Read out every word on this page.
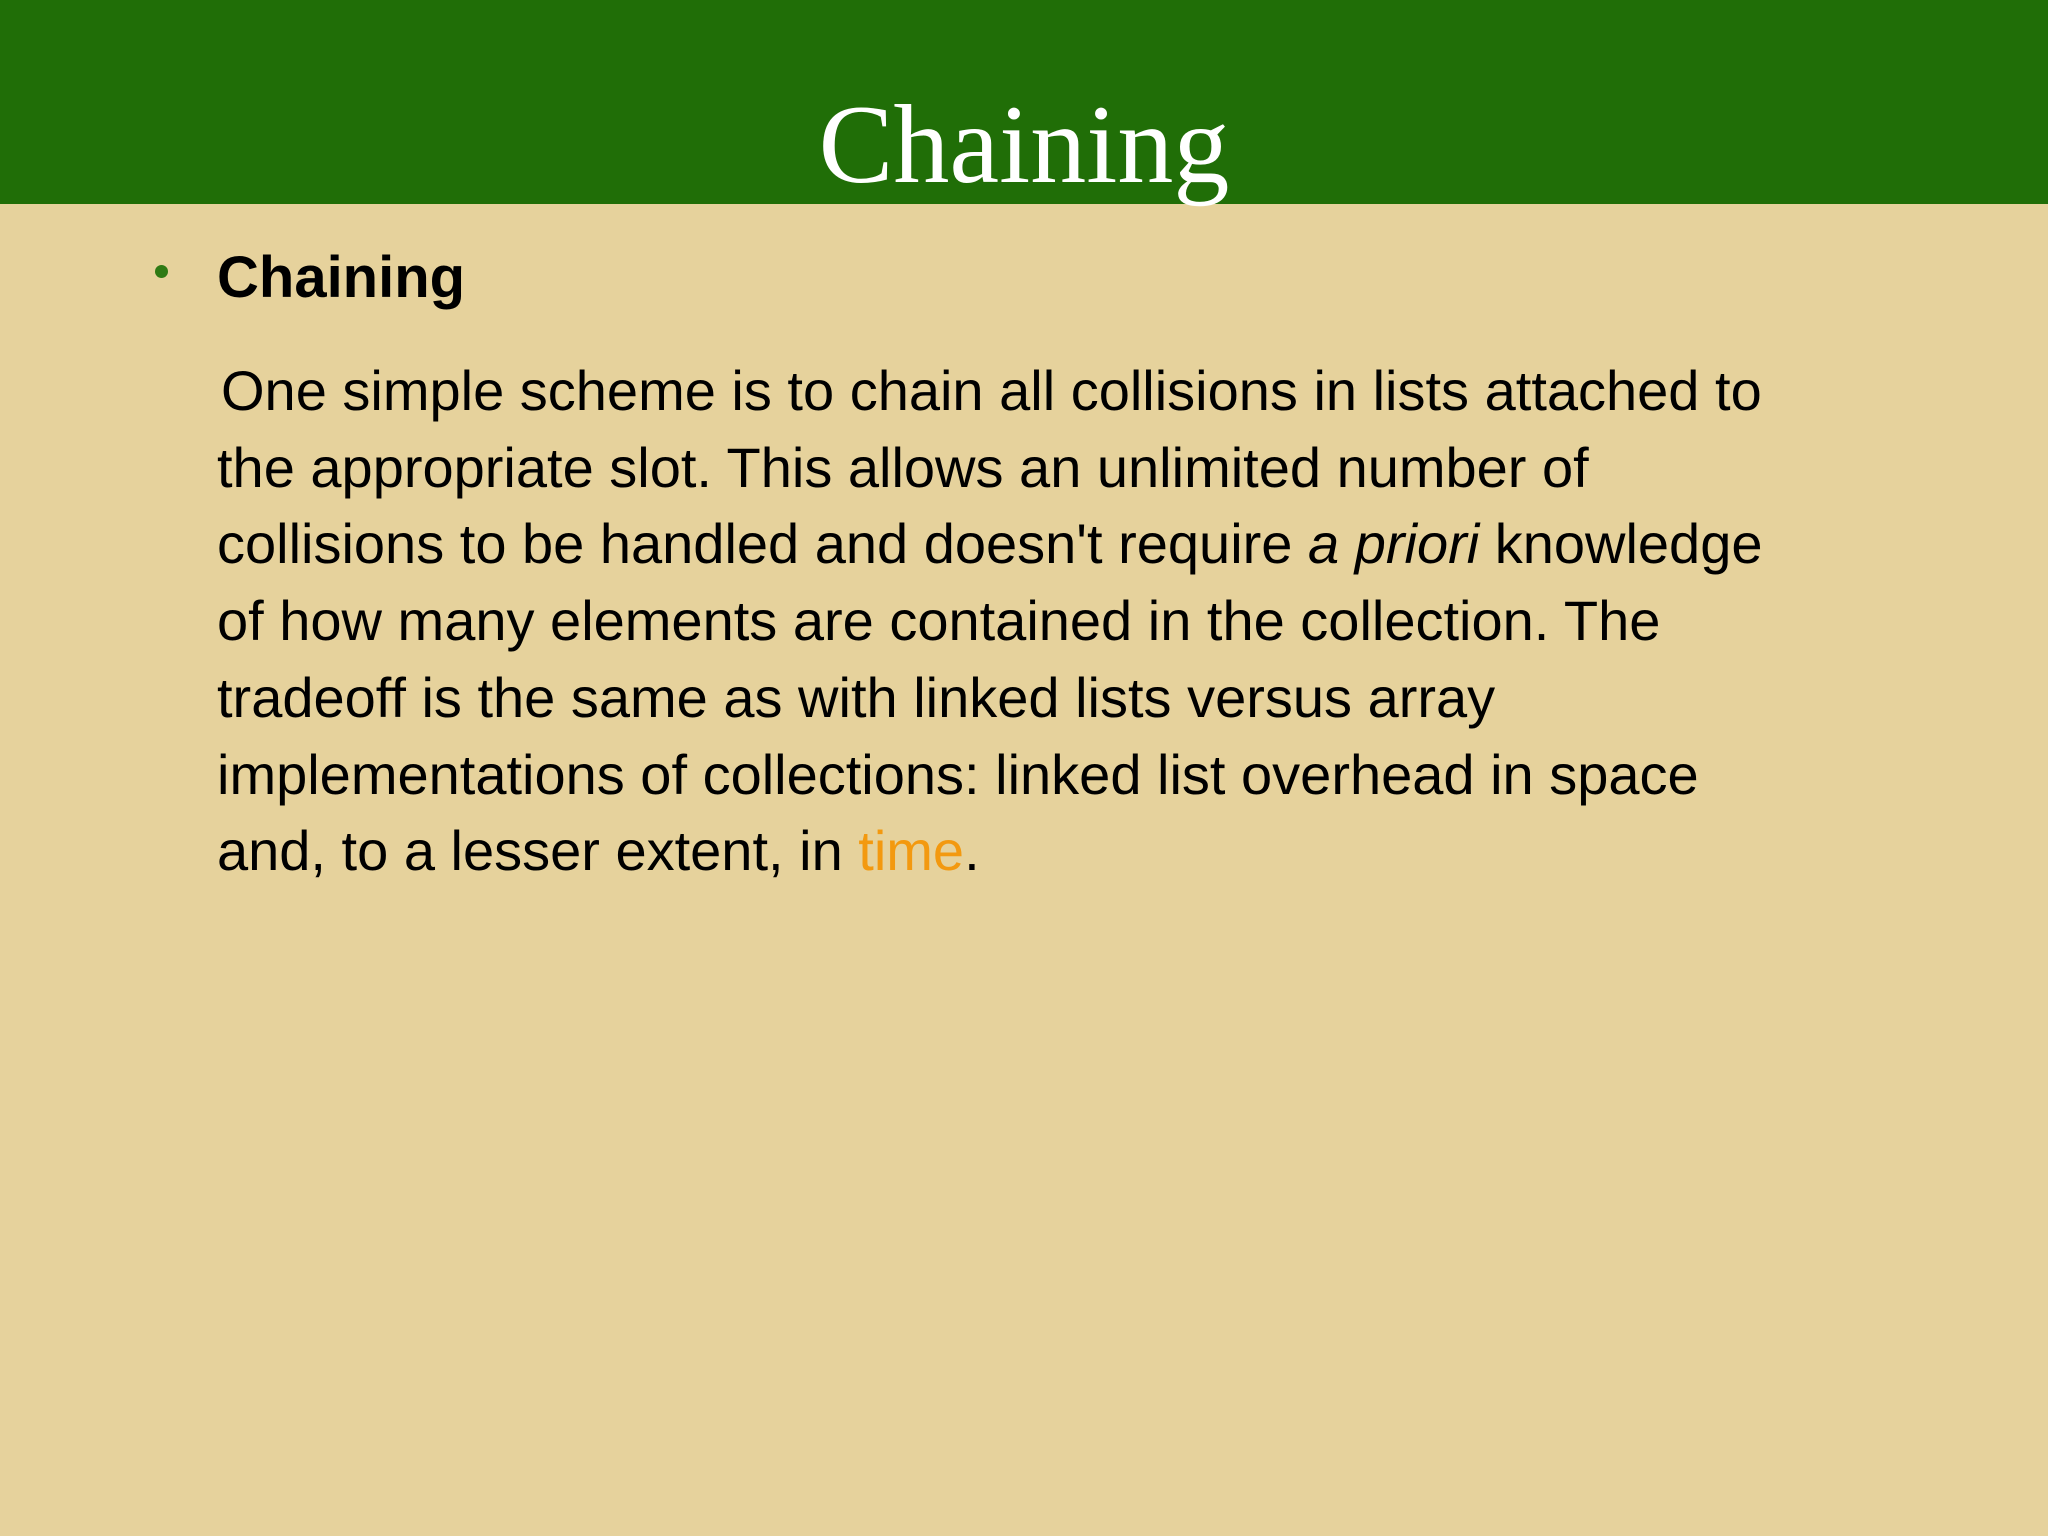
Chaining
Chaining
One simple scheme is to chain all collisions in lists attached to
the appropriate slot. This allows an unlimited number of
collisions to be handled and doesn't require a priori knowledge
of how many elements are contained in the collection. The
tradeoff is the same as with linked lists versus array
implementations of collections: linked list overhead in space
and, to a lesser extent, in time.
